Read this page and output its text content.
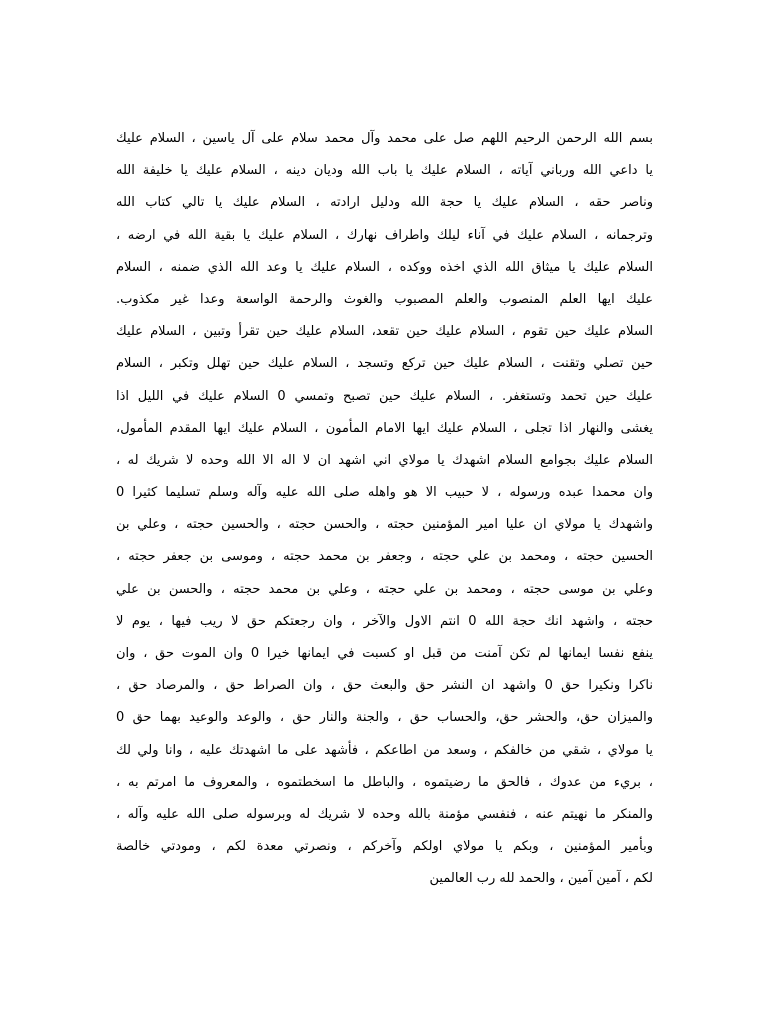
بسم الله الرحمن الرحيم اللهم صل على محمد وآل محمد سلام على آل ياسين ، السلام عليك
يا داعي الله ورباني آياته ، السلام عليك يا باب الله وديان دينه ، السلام عليك يا خليفة الله
وناصر حقه ، السلام عليك يا حجة الله ودليل ارادته ، السلام عليك يا تالي كتاب الله
وترجمانه ، السلام عليك في آناء ليلك واطراف نهارك ، السلام عليك يا بقية الله في ارضه ،
السلام عليك يا ميثاق الله الذي اخذه ووكده ، السلام عليك يا وعد الله الذي ضمنه ، السلام
عليك ايها العلم المنصوب والعلم المصبوب والغوث والرحمة الواسعة وعدا غير مكذوب.
السلام عليك حين تقوم ، السلام عليك حين تقعد، السلام عليك حين تقرأ وتبين ، السلام عليك
حين تصلي وتقنت ، السلام عليك حين تركع وتسجد ، السلام عليك حين تهلل وتكبر ، السلام
عليك حين تحمد وتستغفر. ، السلام عليك حين تصبح وتمسي 0 السلام عليك في الليل اذا
يغشى والنهار اذا تجلى ، السلام عليك ايها الامام المأمون ، السلام عليك ايها المقدم المأمول،
السلام عليك بجوامع السلام اشهدك يا مولاي اني اشهد ان لا اله الا الله وحده لا شريك له ،
وان محمدا عبده ورسوله ، لا حبيب الا هو واهله صلى الله عليه وآله وسلم تسليما كثيرا 0
واشهدك يا مولاي ان عليا امير المؤمنين حجته ، والحسن حجته ، والحسين حجته ، وعلي بن
الحسين حجته ، ومحمد بن علي حجته ، وجعفر بن محمد حجته ، وموسى بن جعفر حجته ،
وعلي بن موسى حجته ، ومحمد بن علي حجته ، وعلي بن محمد حجته ، والحسن بن علي
حجته ، واشهد انك حجة الله 0 انتم الاول والآخر ، وان رجعتكم حق لا ريب فيها ، يوم لا
ينفع نفسا ايمانها لم تكن آمنت من قبل او كسبت في ايمانها خيرا 0 وان الموت حق ، وان
ناكرا ونكيرا حق 0 واشهد ان النشر حق والبعث حق ، وان الصراط حق ، والمرصاد حق ،
والميزان حق، والحشر حق، والحساب حق ، والجنة والنار حق ، والوعد والوعيد بهما حق 0
يا مولاي ، شقي من خالفكم ، وسعد من اطاعكم ، فأشهد على ما اشهدتك عليه ، وانا ولي لك
، بريء من عدوك ، فالحق ما رضيتموه ، والباطل ما اسخطتموه ، والمعروف ما امرتم به ،
والمنكر ما نهيتم عنه ، فنفسي مؤمنة بالله وحده لا شريك له وبرسوله صلى الله عليه وآله ،
وبأمير المؤمنين ، وبكم يا مولاي اولكم وآخركم ، ونصرتي معدة لكم ، ومودتي خالصة
لكم ، آمين آمين ، والحمد لله رب العالمين
